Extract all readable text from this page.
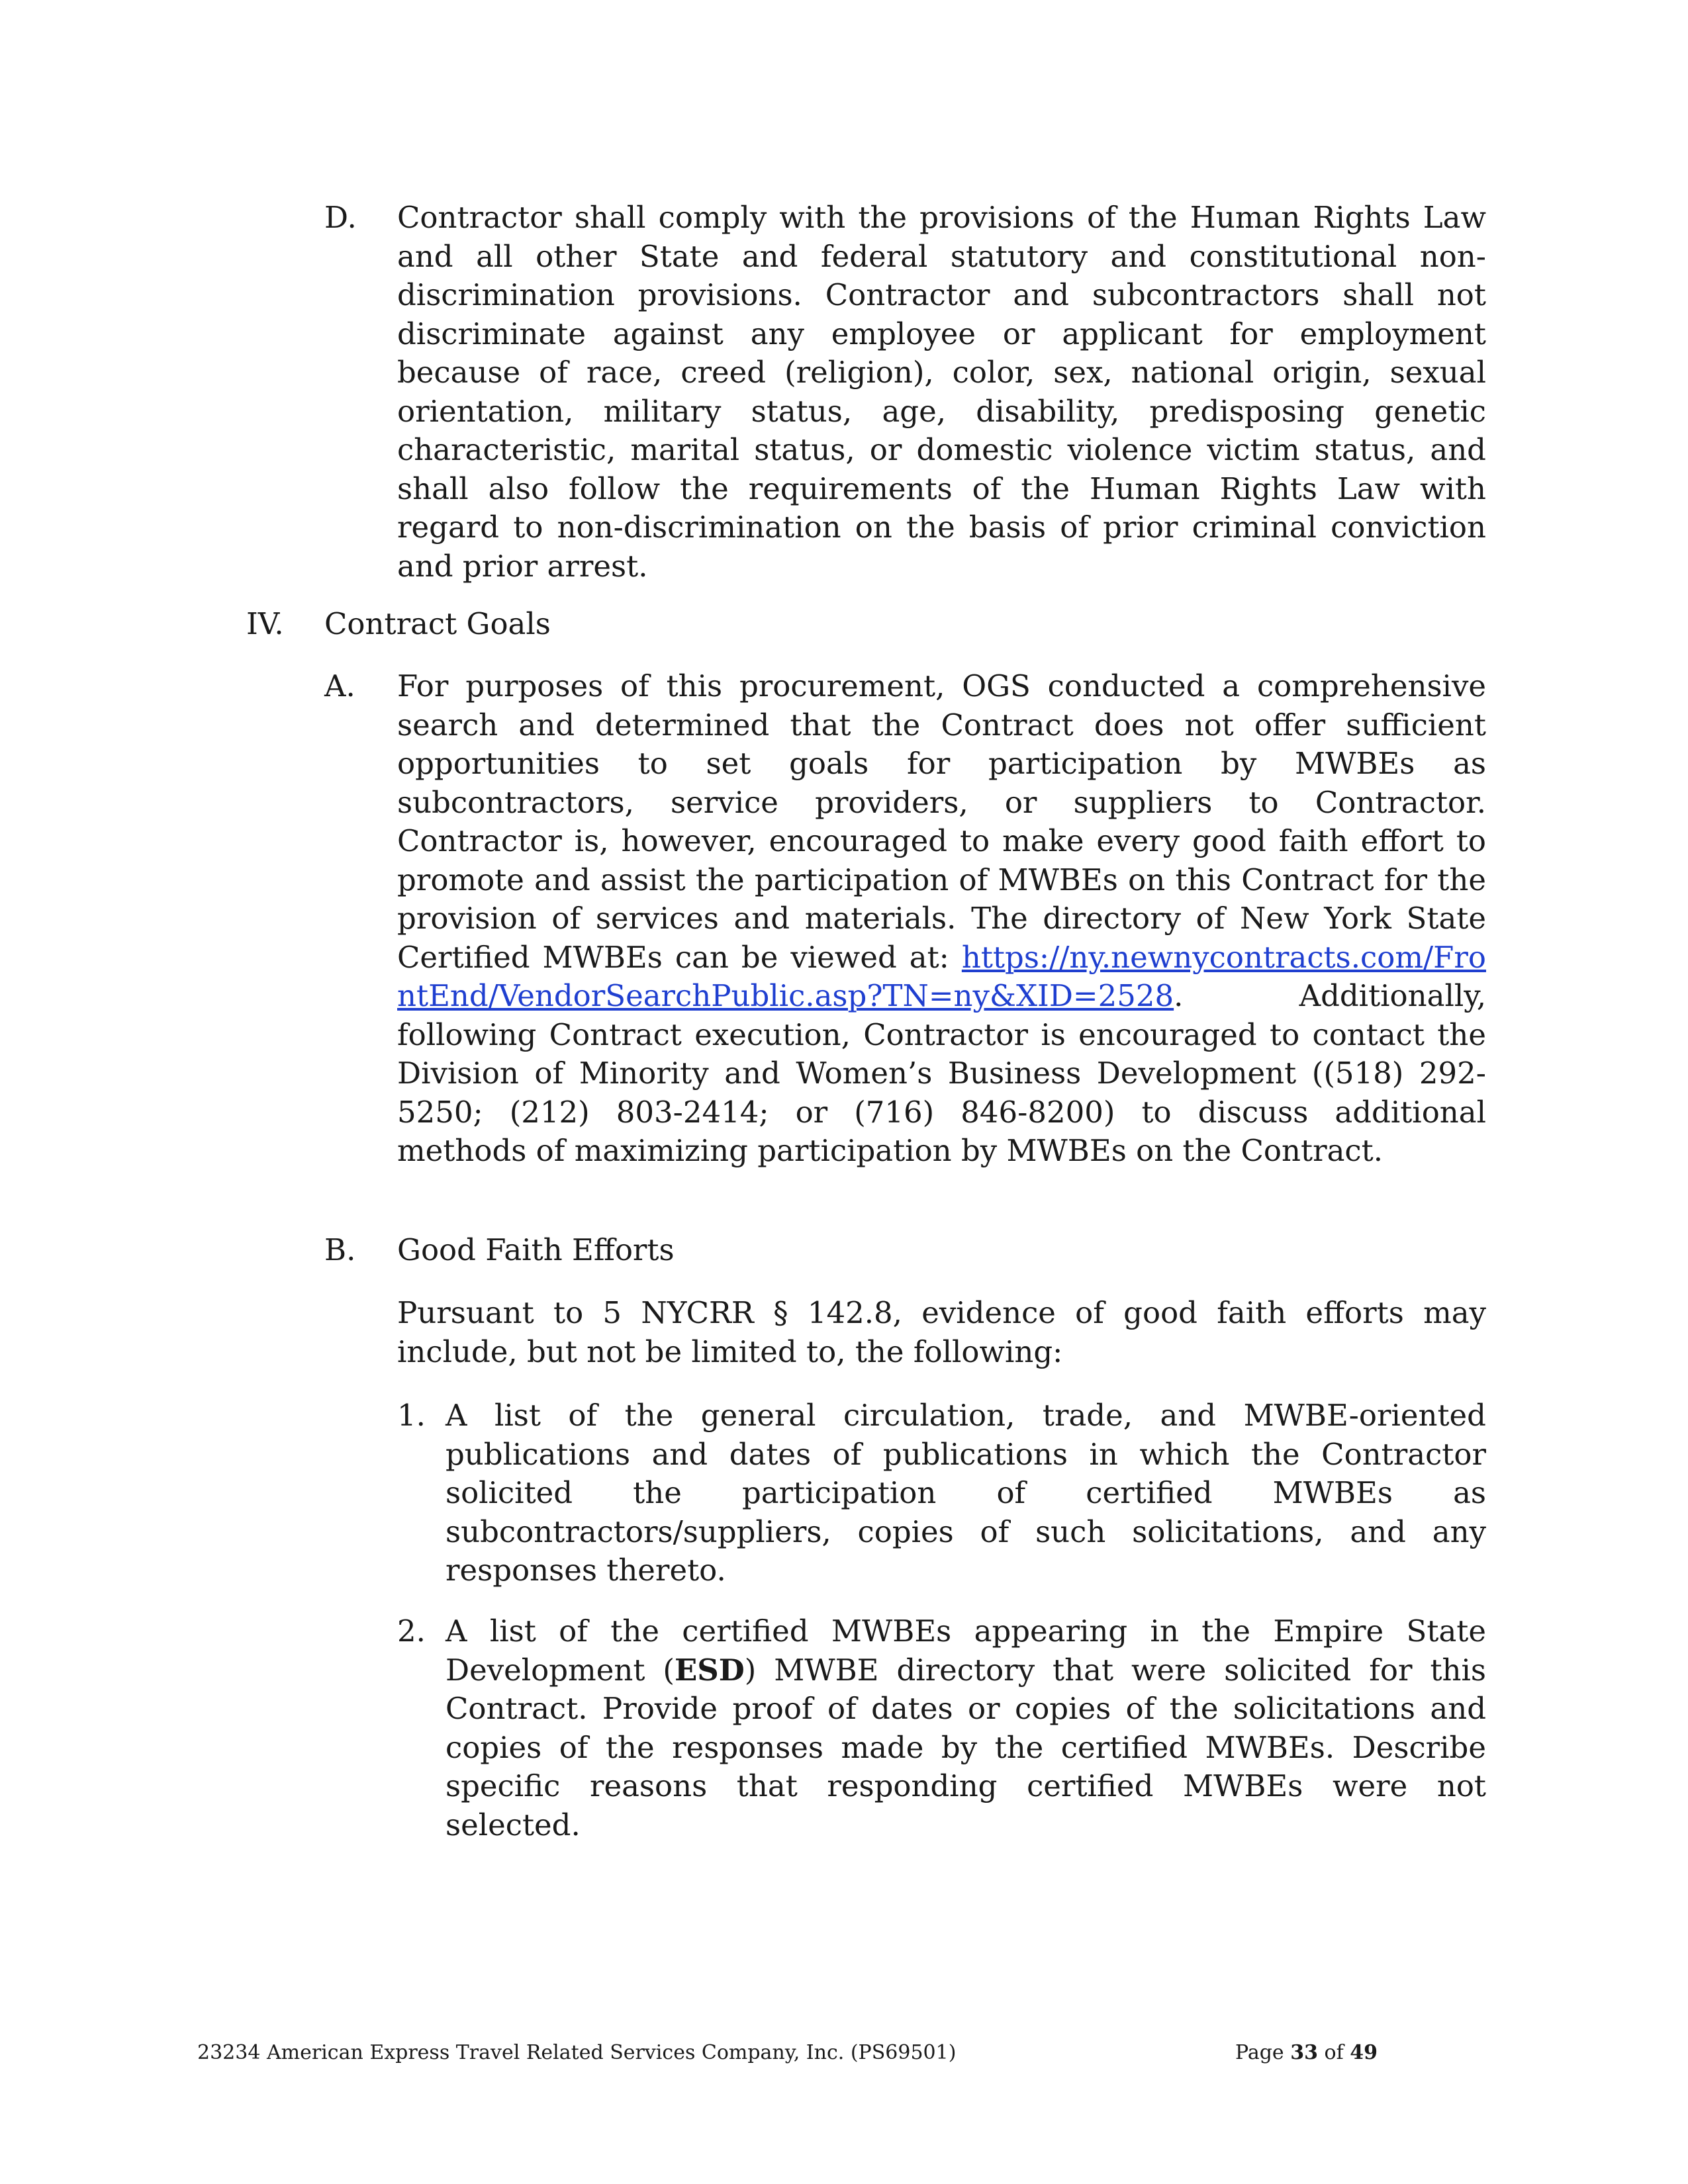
D. Contractor shall comply with the provisions of the Human Rights Law and all other State and federal statutory and constitutional non-discrimination provisions. Contractor and subcontractors shall not discriminate against any employee or applicant for employment because of race, creed (religion), color, sex, national origin, sexual orientation, military status, age, disability, predisposing genetic characteristic, marital status, or domestic violence victim status, and shall also follow the requirements of the Human Rights Law with regard to non-discrimination on the basis of prior criminal conviction and prior arrest.
IV. Contract Goals
A. For purposes of this procurement, OGS conducted a comprehensive search and determined that the Contract does not offer sufficient opportunities to set goals for participation by MWBEs as subcontractors, service providers, or suppliers to Contractor. Contractor is, however, encouraged to make every good faith effort to promote and assist the participation of MWBEs on this Contract for the provision of services and materials. The directory of New York State Certified MWBEs can be viewed at: https://ny.newnycontracts.com/FrontEnd/VendorSearchPublic.asp?TN=ny&XID=2528. Additionally, following Contract execution, Contractor is encouraged to contact the Division of Minority and Women’s Business Development ((518) 292-5250; (212) 803-2414; or (716) 846-8200) to discuss additional methods of maximizing participation by MWBEs on the Contract.
B. Good Faith Efforts
Pursuant to 5 NYCRR § 142.8, evidence of good faith efforts may include, but not be limited to, the following:
1. A list of the general circulation, trade, and MWBE-oriented publications and dates of publications in which the Contractor solicited the participation of certified MWBEs as subcontractors/suppliers, copies of such solicitations, and any responses thereto.
2. A list of the certified MWBEs appearing in the Empire State Development (ESD) MWBE directory that were solicited for this Contract. Provide proof of dates or copies of the solicitations and copies of the responses made by the certified MWBEs. Describe specific reasons that responding certified MWBEs were not selected.
23234 American Express Travel Related Services Company, Inc. (PS69501)	Page 33 of 49
